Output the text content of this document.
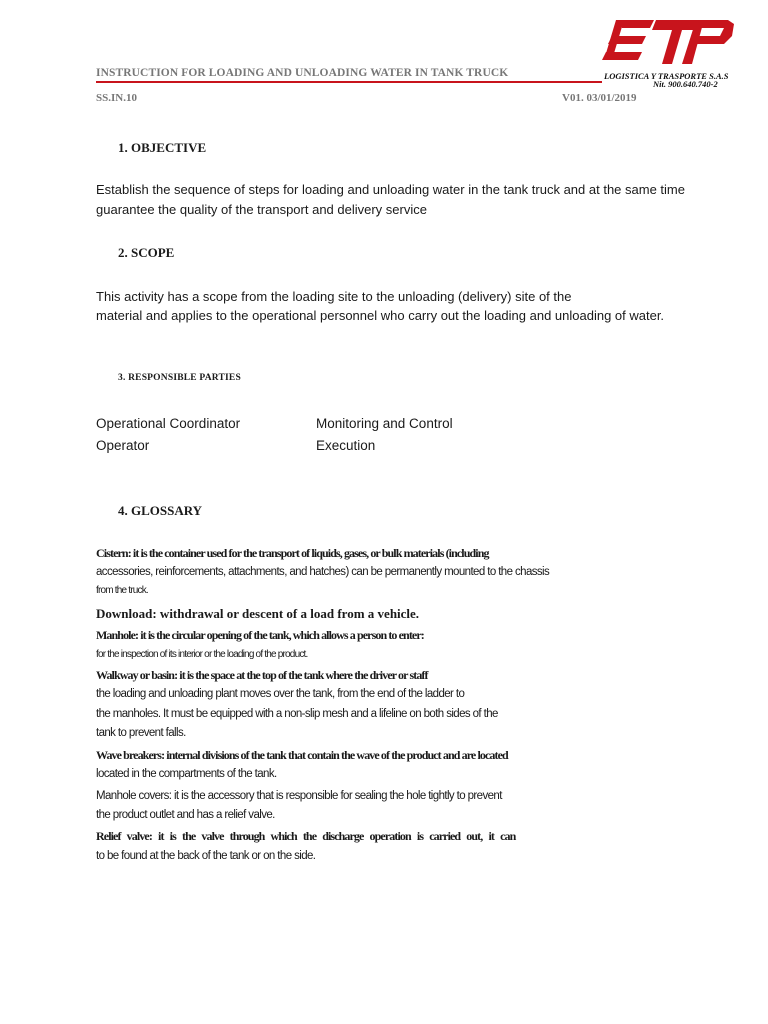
INSTRUCTION FOR LOADING AND UNLOADING WATER IN TANK TRUCK
SS.IN.10	V01. 03/01/2019
LOGISTICA Y TRASPORTE S.A.S
Nit. 900.640.740-2
1. OBJECTIVE
Establish the sequence of steps for loading and unloading water in the tank truck and at the same time
guarantee the quality of the transport and delivery service
2. SCOPE
This activity has a scope from the loading site to the unloading (delivery) site of the
material and applies to the operational personnel who carry out the loading and unloading of water.
3. RESPONSIBLE PARTIES
Operational Coordinator	Monitoring and Control
Operator	Execution
4. GLOSSARY
Cistern: it is the container used for the transport of liquids, gases, or bulk materials (including
accessories, reinforcements, attachments, and hatches) can be permanently mounted to the chassis
from the truck.
Download: withdrawal or descent of a load from a vehicle.
Manhole: it is the circular opening of the tank, which allows a person to enter:
for the inspection of its interior or the loading of the product.
Walkway or basin: it is the space at the top of the tank where the driver or staff
the loading and unloading plant moves over the tank, from the end of the ladder to
the manholes. It must be equipped with a non-slip mesh and a lifeline on both sides of the
tank to prevent falls.
Wave breakers: internal divisions of the tank that contain the wave of the product and are located
located in the compartments of the tank.
Manhole covers: it is the accessory that is responsible for sealing the hole tightly to prevent
the product outlet and has a relief valve.
Relief valve: it is the valve through which the discharge operation is carried out, it can
to be found at the back of the tank or on the side.
